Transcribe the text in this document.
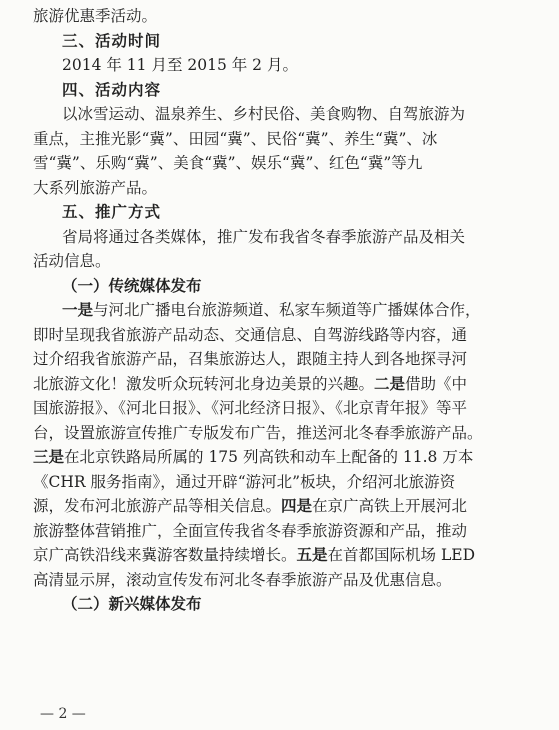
旅游优惠季活动。
三、活动时间
2014 年 11 月至 2015 年 2 月。
四、活动内容
以冰雪运动、温泉养生、乡村民俗、美食购物、自驾旅游为
重点，主推光影“冀”、田园“冀”、民俗“冀”、养生“冀”、冰
雪“冀”、乐购“冀”、美食“冀”、娱乐“冀”、红色“冀”等九
大系列旅游产品。
五、推广方式
省局将通过各类媒体，推广发布我省冬春季旅游产品及相关
活动信息。
（一）传统媒体发布
一是与河北广播电台旅游频道、私家车频道等广播媒体合作，
即时呈现我省旅游产品动态、交通信息、自驾游线路等内容，通
过介绍我省旅游产品，召集旅游达人，跟随主持人到各地探寻河
北旅游文化！激发听众玩转河北身边美景的兴趣。二是借助《中
国旅游报》、《河北日报》、《河北经济日报》、《北京青年报》等平
台，设置旅游宣传推广专版发布广告，推送河北冬春季旅游产品。
三是在北京铁路局所属的 175 列高铁和动车上配备的 11.8 万本
《CHR 服务指南》，通过开辟“游河北”板块，介绍河北旅游资
源，发布河北旅游产品等相关信息。四是在京广高铁上开展河北
旅游整体营销推广，全面宣传我省冬春季旅游资源和产品，推动
京广高铁沿线来冀游客数量持续增长。五是在首都国际机场 LED
高清显示屏，滚动宣传发布河北冬春季旅游产品及优惠信息。
（二）新兴媒体发布
— 2 —
